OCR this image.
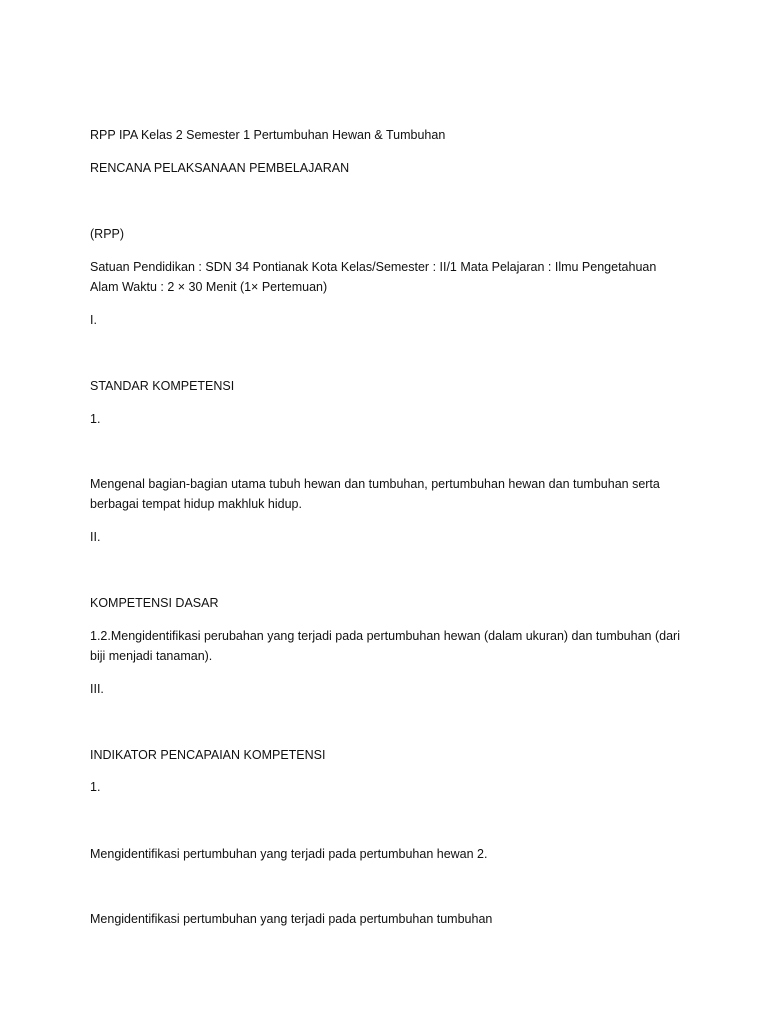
RPP IPA Kelas 2 Semester 1 Pertumbuhan Hewan & Tumbuhan
RENCANA PELAKSANAAN PEMBELAJARAN
(RPP)
Satuan Pendidikan : SDN 34 Pontianak Kota Kelas/Semester : II/1 Mata Pelajaran : Ilmu Pengetahuan Alam Waktu : 2 × 30 Menit (1× Pertemuan)
I.
STANDAR KOMPETENSI
1.
Mengenal bagian-bagian utama tubuh hewan dan tumbuhan, pertumbuhan hewan dan tumbuhan serta berbagai tempat hidup makhluk hidup.
II.
KOMPETENSI DASAR
1.2.Mengidentifikasi perubahan yang terjadi pada pertumbuhan hewan (dalam ukuran) dan tumbuhan (dari biji menjadi tanaman).
III.
INDIKATOR PENCAPAIAN KOMPETENSI
1.
Mengidentifikasi pertumbuhan yang terjadi pada pertumbuhan hewan 2.
Mengidentifikasi pertumbuhan yang terjadi pada pertumbuhan tumbuhan
